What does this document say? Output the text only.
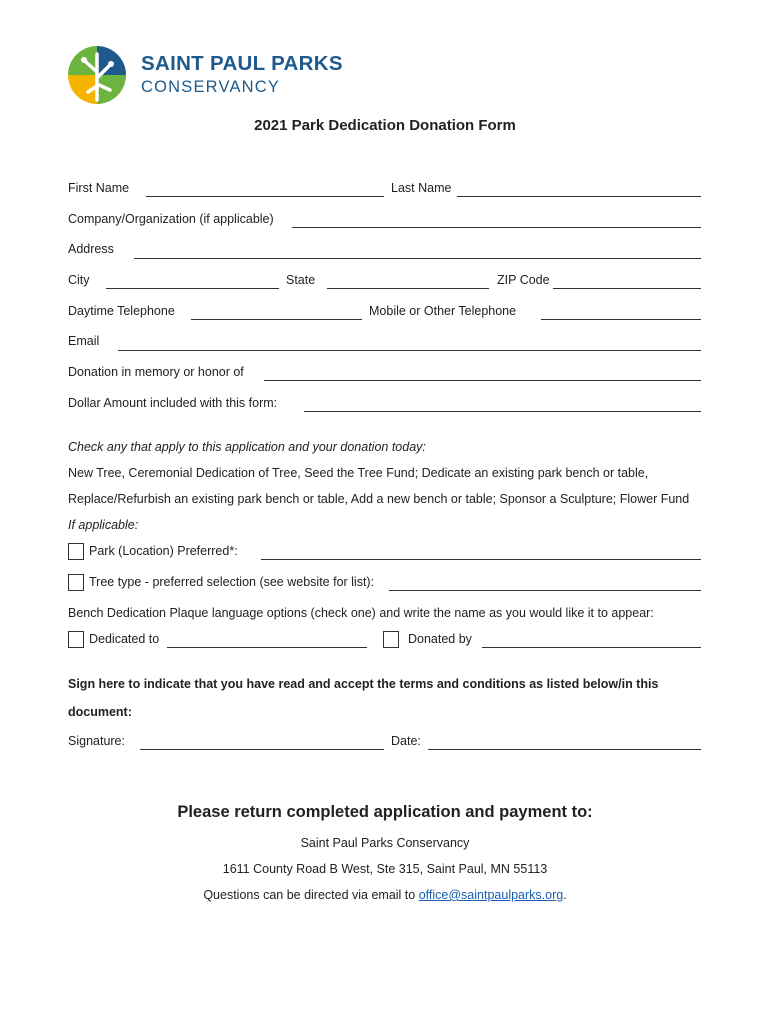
SAINT PAUL PARKS
CONSERVANCY
2021 Park Dedication Donation Form
First Name	Last Name
Company/Organization (if applicable)
Address
City	State	ZIP Code
Daytime Telephone	Mobile or Other Telephone
Email
Donation in memory or honor of
Dollar Amount included with this form:
Check any that apply to this application and your donation today:
New Tree, Ceremonial Dedication of Tree, Seed the Tree Fund; Dedicate an existing park bench or table,
Replace/Refurbish an existing park bench or table, Add a new bench or table; Sponsor a Sculpture; Flower Fund
If applicable:
Park (Location) Preferred*:
Tree type - preferred selection (see website for list):
Bench Dedication Plaque language options (check one) and write the name as you would like it to appear:
Dedicated to	Donated by
Sign here to indicate that you have read and accept the terms and conditions as listed below/in this
document:
Signature:	Date:
Please return completed application and payment to:
Saint Paul Parks Conservancy
1611 County Road B West, Ste 315, Saint Paul, MN 55113
Questions can be directed via email to office@saintpaulparks.org.
